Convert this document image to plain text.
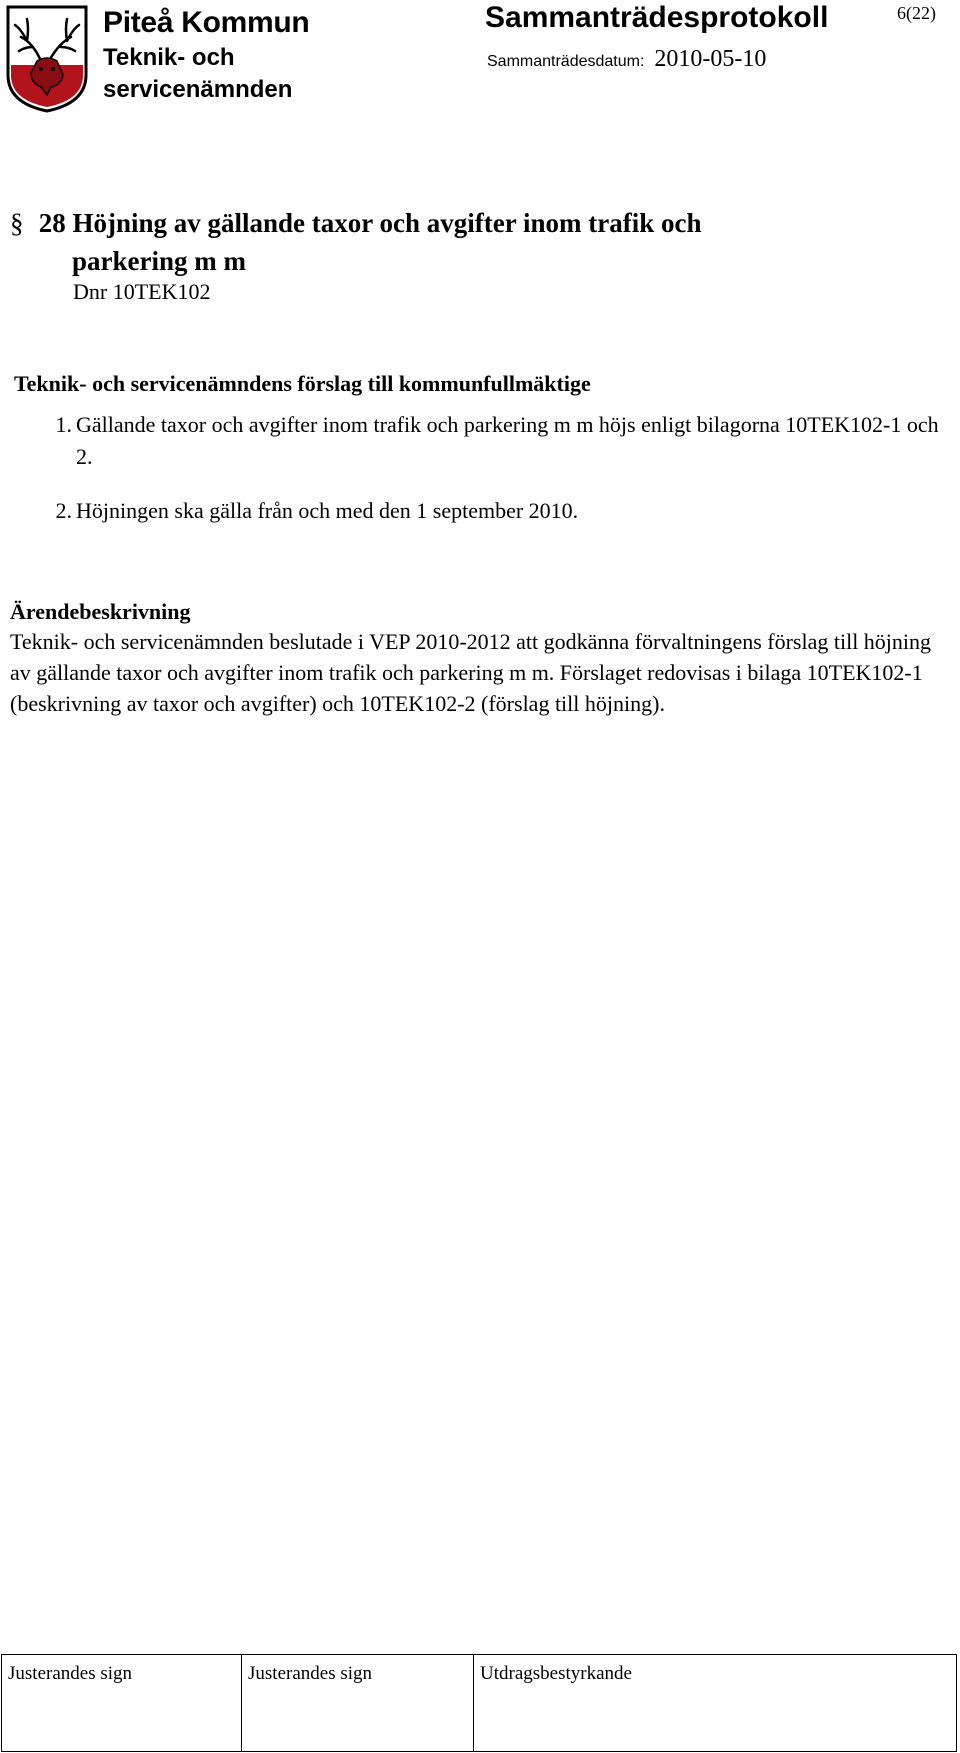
Piteå Kommun
Teknik- och servicenämnden
Sammanträdesprotokoll	6(22)
Sammanträdesdatum: 2010-05-10
§ 28 Höjning av gällande taxor och avgifter inom trafik och
parkering m m
Dnr 10TEK102
Teknik- och servicenämndens förslag till kommunfullmäktige
1. Gällande taxor och avgifter inom trafik och parkering m m höjs enligt bilagorna 10TEK102-1 och 2.
2. Höjningen ska gälla från och med den 1 september 2010.
Ärendebeskrivning
Teknik- och servicenämnden beslutade i VEP 2010-2012 att godkänna förvaltningens förslag till höjning av gällande taxor och avgifter inom trafik och parkering m m. Förslaget redovisas i bilaga 10TEK102-1 (beskrivning av taxor och avgifter) och 10TEK102-2 (förslag till höjning).
Justerandes sign	Justerandes sign	Utdragsbestyrkande
